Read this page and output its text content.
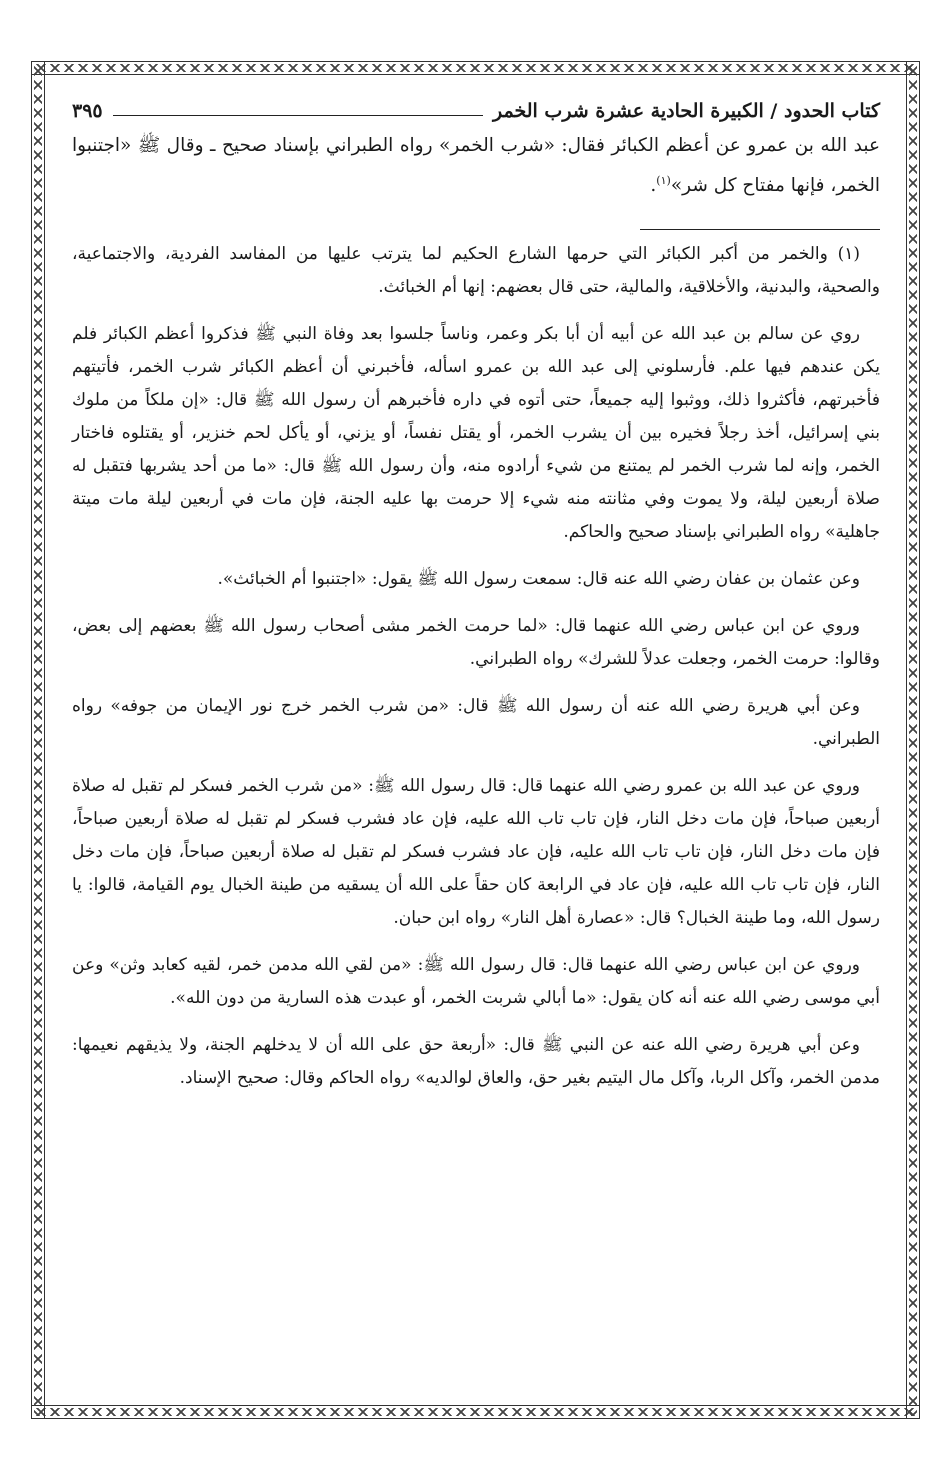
كتاب الحدود / الكبيرة الحادية عشرة شرب الخمر
٣٩٥

عبد الله بن عمرو عن أعظم الكبائر فقال: «شرب الخمر» رواه الطبراني بإسناد صحيح ـ وقال ﷺ «اجتنبوا الخمر، فإنها مفتاح كل شر»$^{(١)}$.

(١) والخمر من أكبر الكبائر التي حرمها الشارع الحكيم لما يترتب عليها من المفاسد الفردية، والاجتماعية، والصحية، والبدنية، والأخلاقية، والمالية، حتى قال بعضهم: إنها أم الخبائث.

روي عن سالم بن عبد الله عن أبيه أن أبا بكر وعمر، وناساً جلسوا بعد وفاة النبي ﷺ فذكروا أعظم الكبائر فلم يكن عندهم فيها علم. فأرسلوني إلى عبد الله بن عمرو اسأله، فأخبرني أن أعظم الكبائر شرب الخمر، فأتيتهم فأخبرتهم، فأكثروا ذلك، ووثبوا إليه جميعاً، حتى أتوه في داره فأخبرهم أن رسول الله ﷺ قال: «إن ملكاً من ملوك بني إسرائيل، أخذ رجلاً فخيره بين أن يشرب الخمر، أو يقتل نفساً، أو يزني، أو يأكل لحم خنزير، أو يقتلوه فاختار الخمر، وإنه لما شرب الخمر لم يمتنع من شيء أرادوه منه، وأن رسول الله ﷺ قال: «ما من أحد يشربها فتقبل له صلاة أربعين ليلة، ولا يموت وفي مثانته منه شيء إلا حرمت بها عليه الجنة، فإن مات في أربعين ليلة مات ميتة جاهلية» رواه الطبراني بإسناد صحيح والحاكم.

وعن عثمان بن عفان رضي الله عنه قال: سمعت رسول الله ﷺ يقول: «اجتنبوا أم الخبائث».

وروي عن ابن عباس رضي الله عنهما قال: «لما حرمت الخمر مشى أصحاب رسول الله ﷺ بعضهم إلى بعض، وقالوا: حرمت الخمر، وجعلت عدلاً للشرك» رواه الطبراني.

وعن أبي هريرة رضي الله عنه أن رسول الله ﷺ قال: «من شرب الخمر خرج نور الإيمان من جوفه» رواه الطبراني.

وروي عن عبد الله بن عمرو رضي الله عنهما قال: قال رسول الله ﷺ: «من شرب الخمر فسكر لم تقبل له صلاة أربعين صباحاً، فإن مات دخل النار، فإن تاب تاب الله عليه، فإن عاد فشرب فسكر لم تقبل له صلاة أربعين صباحاً، فإن مات دخل النار، فإن تاب تاب الله عليه، فإن عاد فشرب فسكر لم تقبل له صلاة أربعين صباحاً، فإن مات دخل النار، فإن تاب تاب الله عليه، فإن عاد في الرابعة كان حقاً على الله أن يسقيه من طينة الخبال يوم القيامة، قالوا: يا رسول الله، وما طينة الخبال؟ قال: «عصارة أهل النار» رواه ابن حبان.

وروي عن ابن عباس رضي الله عنهما قال: قال رسول الله ﷺ: «من لقي الله مدمن خمر، لقيه كعابد وثن» وعن أبي موسى رضي الله عنه أنه كان يقول: «ما أبالي شربت الخمر، أو عبدت هذه السارية من دون الله».

وعن أبي هريرة رضي الله عنه عن النبي ﷺ قال: «أربعة حق على الله أن لا يدخلهم الجنة، ولا يذيقهم نعيمها: مدمن الخمر، وآكل الربا، وآكل مال اليتيم بغير حق، والعاق لوالديه» رواه الحاكم وقال: صحيح الإسناد.
